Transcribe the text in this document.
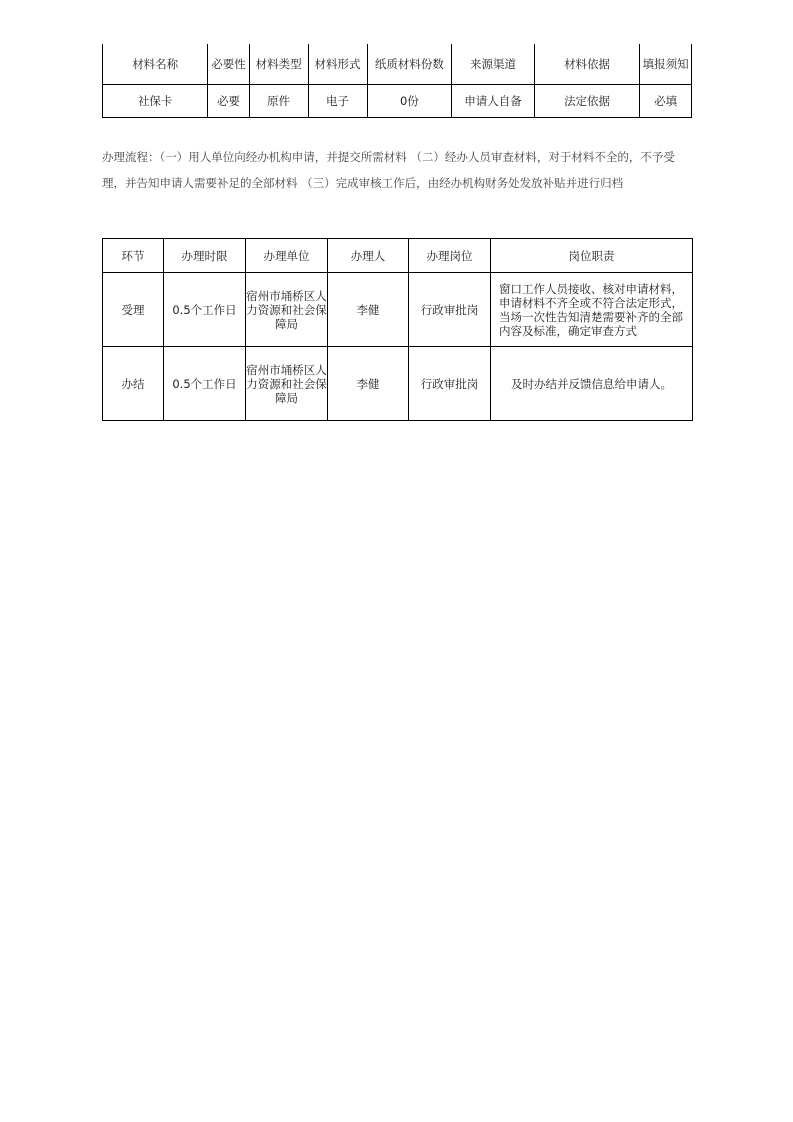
材料名称	必要性	材料类型	材料形式	纸质材料份数	来源渠道	材料依据	填报须知
社保卡	必要	原件	电子	0份	申请人自备	法定依据	必填

办理流程：（一）用人单位向经办机构申请，并提交所需材料 （二）经办人员审查材料，对于材料不全的，不予受理，并告知申请人需要补足的全部材料 （三）完成审核工作后，由经办机构财务处发放补贴并进行归档

环节	办理时限	办理单位	办理人	办理岗位	岗位职责
受理	0.5个工作日	宿州市埇桥区人力资源和社会保障局	李健	行政审批岗	窗口工作人员接收、核对申请材料，申请材料不齐全或不符合法定形式，当场一次性告知清楚需要补齐的全部内容及标准，确定审查方式
办结	0.5个工作日	宿州市埇桥区人力资源和社会保障局	李健	行政审批岗	及时办结并反馈信息给申请人。
